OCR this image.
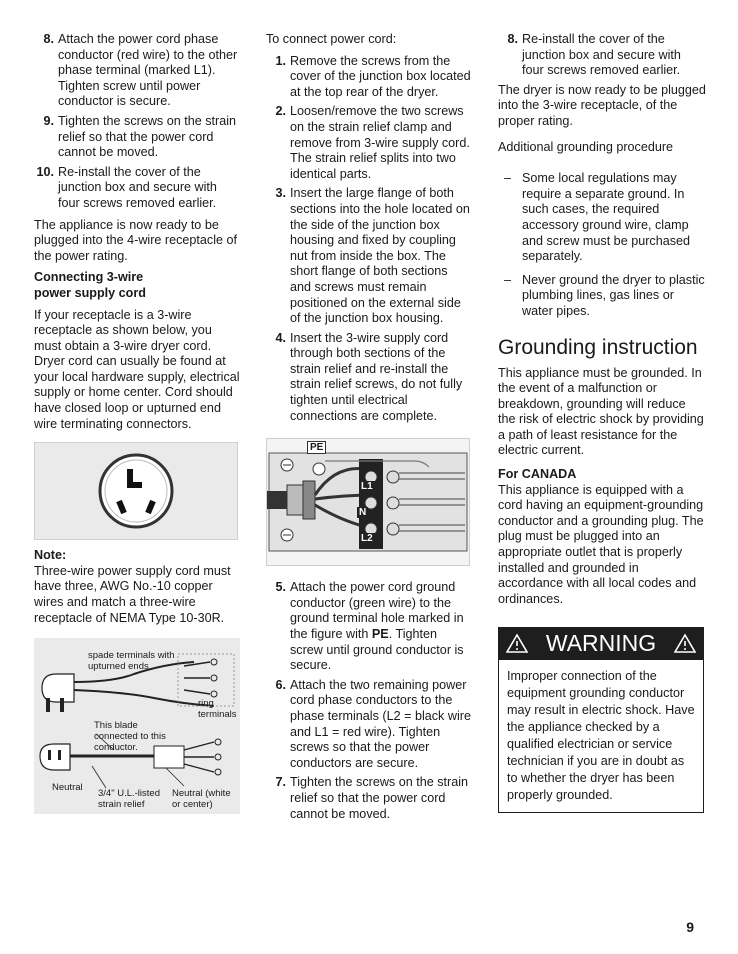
8. Attach the power cord phase conductor (red wire) to the other phase terminal (marked L1). Tighten screw until power conductor is secure.
9. Tighten the screws on the strain relief so that the power cord cannot be moved.
10. Re-install the cover of the junction box and secure with four screws removed earlier.

The appliance is now ready to be plugged into the 4-wire receptacle of the power rating.

Connecting 3-wire power supply cord

If your receptacle is a 3-wire receptacle as shown below, you must obtain a 3-wire dryer cord. Dryer cord can usually be found at your local hardware supply, electrical supply or home center. Cord should have closed loop or upturned end wire terminating connectors.

Note:

Three-wire power supply cord must have three, AWG No.-10 copper wires and match a three-wire receptacle of NEMA Type 10-30R.

spade terminals with upturned ends
ring terminals
This blade connected to this conductor.
Neutral
3/4" U.L.-listed strain relief
Neutral (white or center)

To connect power cord:

1. Remove the screws from the cover of the junction box located at the top rear of the dryer.
2. Loosen/remove the two screws on the strain relief clamp and remove from 3-wire supply cord. The strain relief splits into two identical parts.
3. Insert the large flange of both sections into the hole located on the side of the junction box housing and fixed by coupling nut from inside the box. The short flange of both sections and screws must remain positioned on the external side of the junction box housing.
4. Insert the 3-wire supply cord through both sections of the strain relief and re-install the strain relief screws, do not fully tighten until electrical connections are complete.
PE
L1
N
L2
5. Attach the power cord ground conductor (green wire) to the ground terminal hole marked in the figure with PE. Tighten screw until ground conductor is secure.
6. Attach the two remaining power cord phase conductors to the phase terminals (L2 = black wire and L1 = red wire). Tighten screws so that the power conductors are secure.
7. Tighten the screws on the strain relief so that the power cord cannot be moved.
8. Re-install the cover of the junction box and secure with four screws removed earlier.

The dryer is now ready to be plugged into the 3-wire receptacle, of the proper rating.

Additional grounding procedure
– Some local regulations may require a separate ground. In such cases, the required accessory ground wire, clamp and screw must be purchased separately.
– Never ground the dryer to plastic plumbing lines, gas lines or water pipes.
Grounding instruction

This appliance must be grounded. In the event of a malfunction or breakdown, grounding will reduce the risk of electric shock by providing a path of least resistance for the electric current.

For CANADA

This appliance is equipped with a cord having an equipment-grounding conductor and a grounding plug. The plug must be plugged into an appropriate outlet that is properly installed and grounded in accordance with all local codes and ordinances.

WARNING
Improper connection of the equipment grounding conductor may result in electric shock. Have the appliance checked by a qualified electrician or service technician if you are in doubt as to whether the dryer has been properly grounded.
9
